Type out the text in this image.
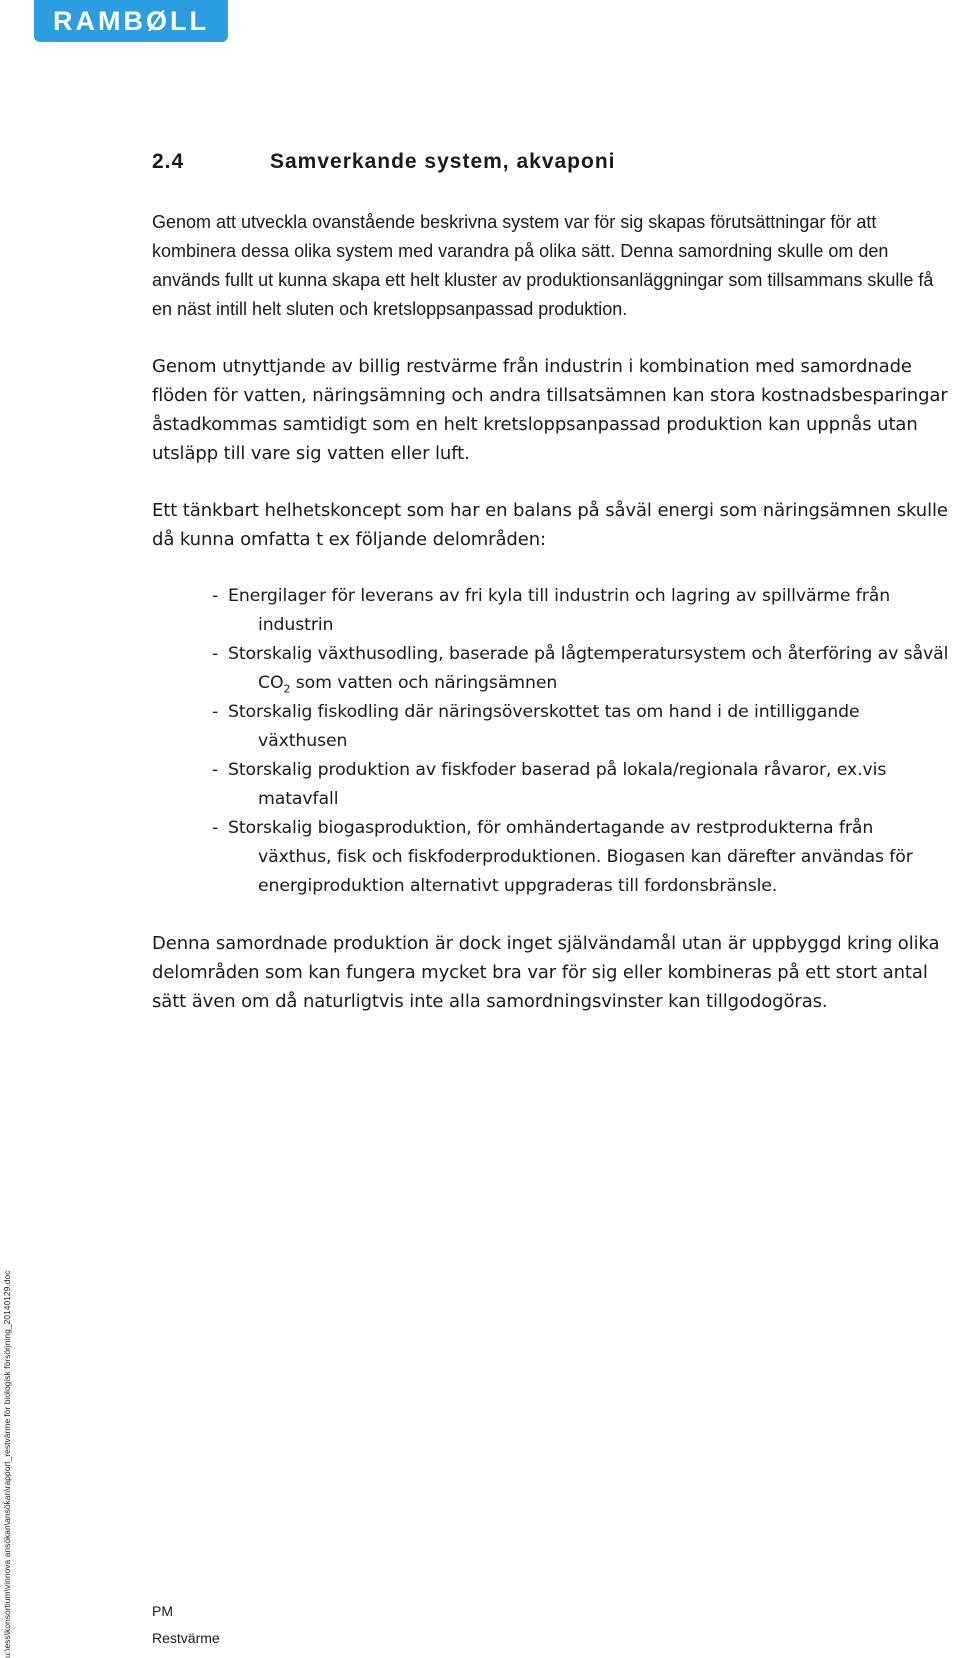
RAMBØLL
2.4	Samverkande system, akvaponi

Genom att utveckla ovanstående beskrivna system var för sig skapas förutsättningar för att kombinera dessa olika system med varandra på olika sätt. Denna samordning skulle om den används fullt ut kunna skapa ett helt kluster av produktionsanläggningar som tillsammans skulle få en näst intill helt sluten och kretsloppsanpassad produktion.

Genom utnyttjande av billig restvärme från industrin i kombination med samordnade flöden för vatten, näringsämning och andra tillsatsämnen kan stora kostnadsbesparingar åstadkommas samtidigt som en helt kretsloppsanpassad produktion kan uppnås utan utsläpp till vare sig vatten eller luft.

Ett tänkbart helhetskoncept som har en balans på såväl energi som näringsämnen skulle då kunna omfatta t ex följande delområden:

- Energilager för leverans av fri kyla till industrin och lagring av spillvärme från industrin
- Storskalig växthusodling, baserade på lågtemperatursystem och återföring av såväl $CO_2$ som vatten och näringsämnen
- Storskalig fiskodling där näringsöverskottet tas om hand i de intilliggande växthusen
- Storskalig produktion av fiskfoder baserad på lokala/regionala råvaror, ex.vis matavfall
- Storskalig biogasproduktion, för omhändertagande av restprodukterna från växthus, fisk och fiskfoderproduktionen. Biogasen kan därefter användas för energiproduktion alternativt uppgraderas till fordonsbränsle.

Denna samordnade produktion är dock inget självändamål utan är uppbyggd kring olika delområden som kan fungera mycket bra var för sig eller kombineras på ett stort antal sätt även om då naturligtvis inte alla samordningsvinster kan tillgodogöras.

u:\ess\konsortium\vinnova ansökan\ansökan\rapport_restvärme för biologisk försörjning_20140129.doc	PM
Restvärme
